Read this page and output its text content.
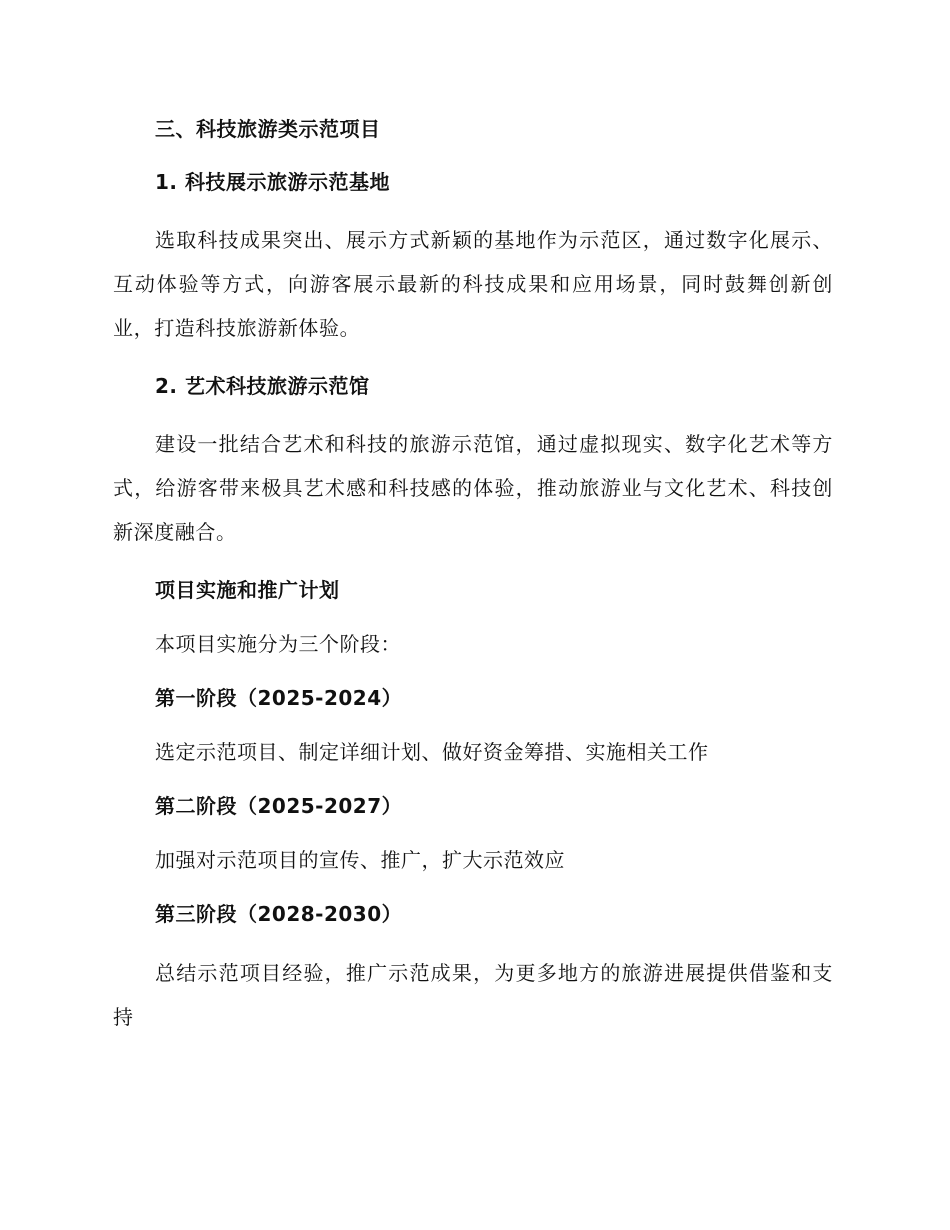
三、科技旅游类示范项目

1. 科技展示旅游示范基地

选取科技成果突出、展示方式新颖的基地作为示范区，通过数字化展示、互动体验等方式，向游客展示最新的科技成果和应用场景，同时鼓舞创新创业，打造科技旅游新体验。

2. 艺术科技旅游示范馆

建设一批结合艺术和科技的旅游示范馆，通过虚拟现实、数字化艺术等方式，给游客带来极具艺术感和科技感的体验，推动旅游业与文化艺术、科技创新深度融合。

项目实施和推广计划

本项目实施分为三个阶段：

第一阶段（2025-2024）

选定示范项目、制定详细计划、做好资金筹措、实施相关工作

第二阶段（2025-2027）

加强对示范项目的宣传、推广，扩大示范效应

第三阶段（2028-2030）

总结示范项目经验，推广示范成果，为更多地方的旅游进展提供借鉴和支持
